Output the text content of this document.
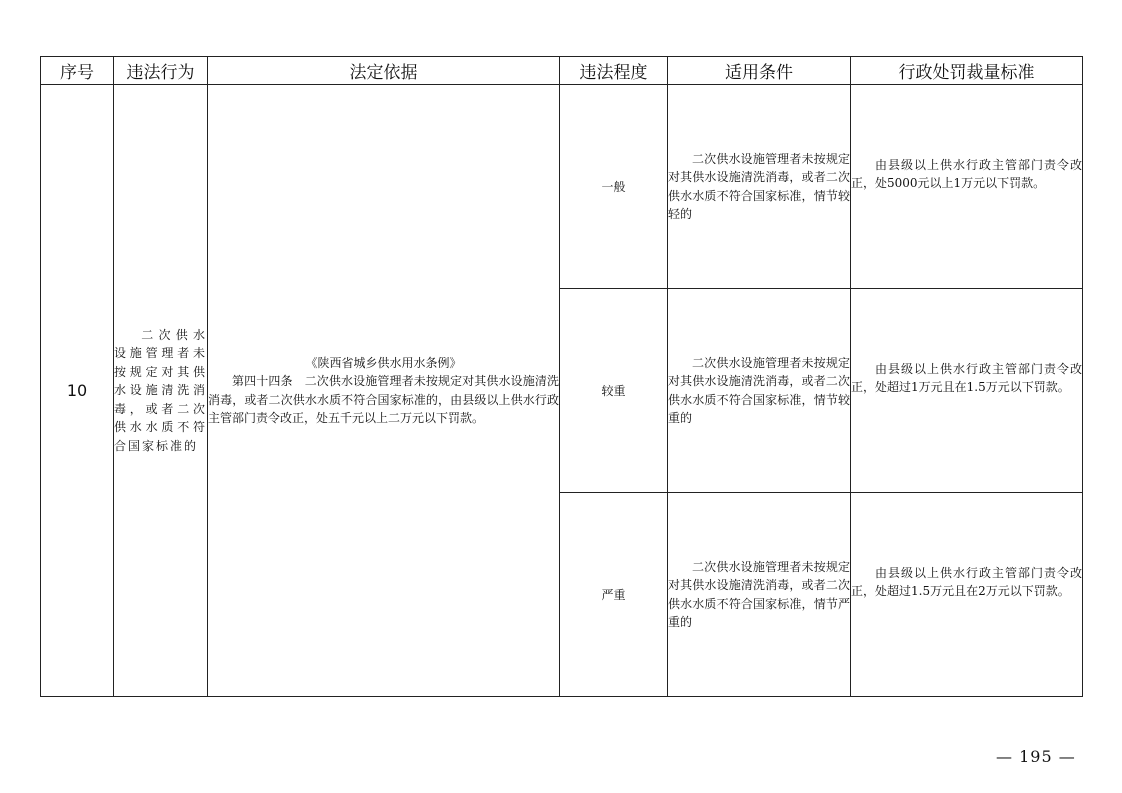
序号	违法行为	法定依据	违法程度	适用条件	行政处罚裁量标准
10	二次供水设施管理者未按规定对其供水设施清洗消毒，或者二次供水水质不符合国家标准的	《陕西省城乡供水用水条例》
第四十四条　二次供水设施管理者未按规定对其供水设施清洗消毒，或者二次供水水质不符合国家标准的，由县级以上供水行政主管部门责令改正，处五千元以上二万元以下罚款。	一般	二次供水设施管理者未按规定对其供水设施清洗消毒，或者二次供水水质不符合国家标准，情节较轻的	由县级以上供水行政主管部门责令改正，处5000元以上1万元以下罚款。

			较重	二次供水设施管理者未按规定对其供水设施清洗消毒，或者二次供水水质不符合国家标准，情节较重的	由县级以上供水行政主管部门责令改正，处超过1万元且在1.5万元以下罚款。

			严重	二次供水设施管理者未按规定对其供水设施清洗消毒，或者二次供水水质不符合国家标准，情节严重的	由县级以上供水行政主管部门责令改正，处超过1.5万元且在2万元以下罚款。
— 195 —
